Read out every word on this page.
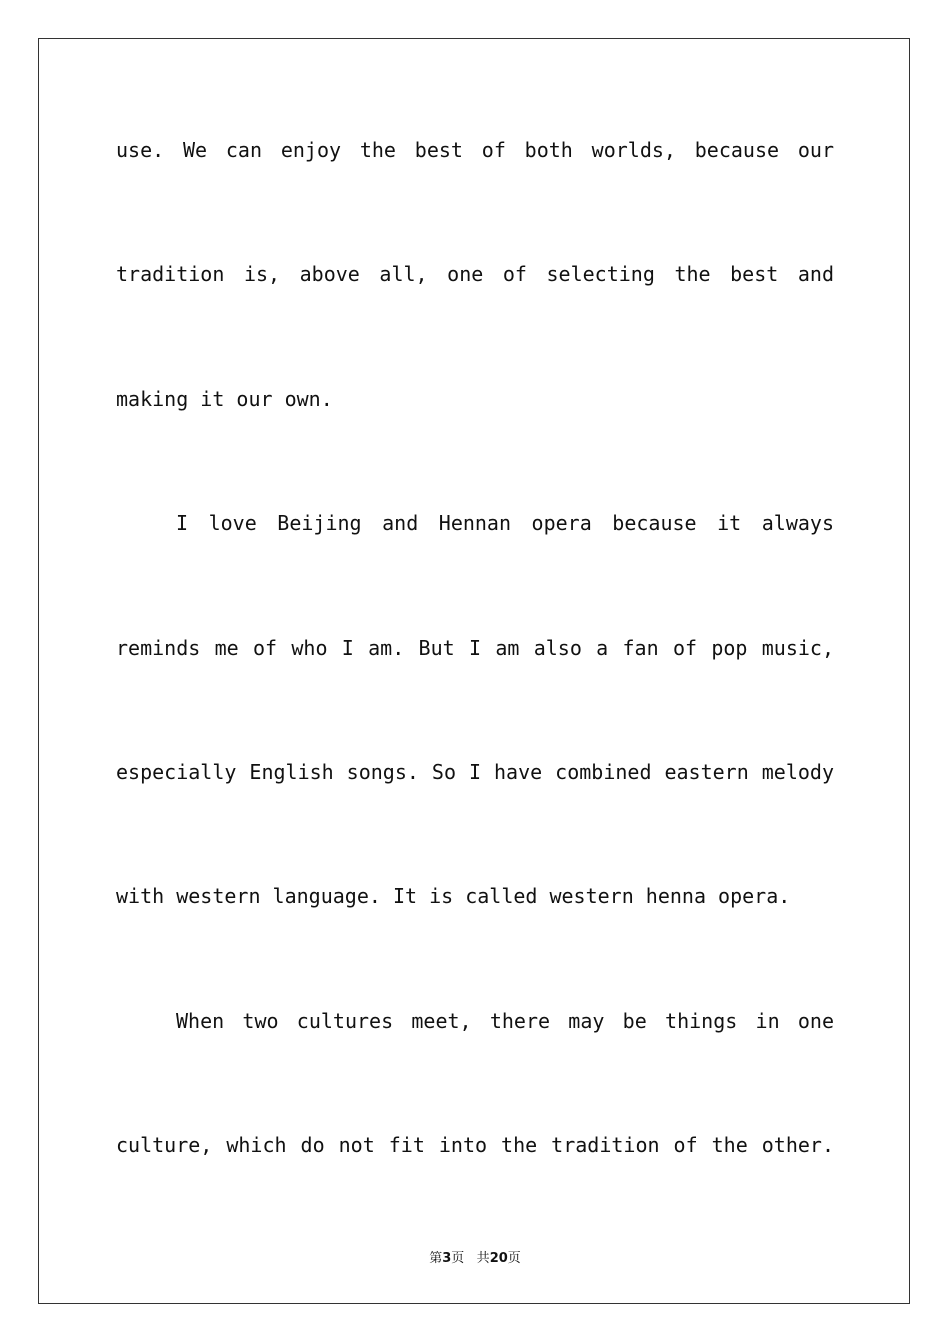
use. We can enjoy the best of both worlds, because our
tradition is, above all, one of selecting the best and
making it our own.
I love Beijing and Hennan opera because it always
reminds me of who I am. But I am also a fan of pop music,
especially English songs. So I have combined eastern melody
with western language. It is called western henna opera.
When two cultures meet, there may be things in one
culture, which do not fit into the tradition of the other.
第3页 共20页
